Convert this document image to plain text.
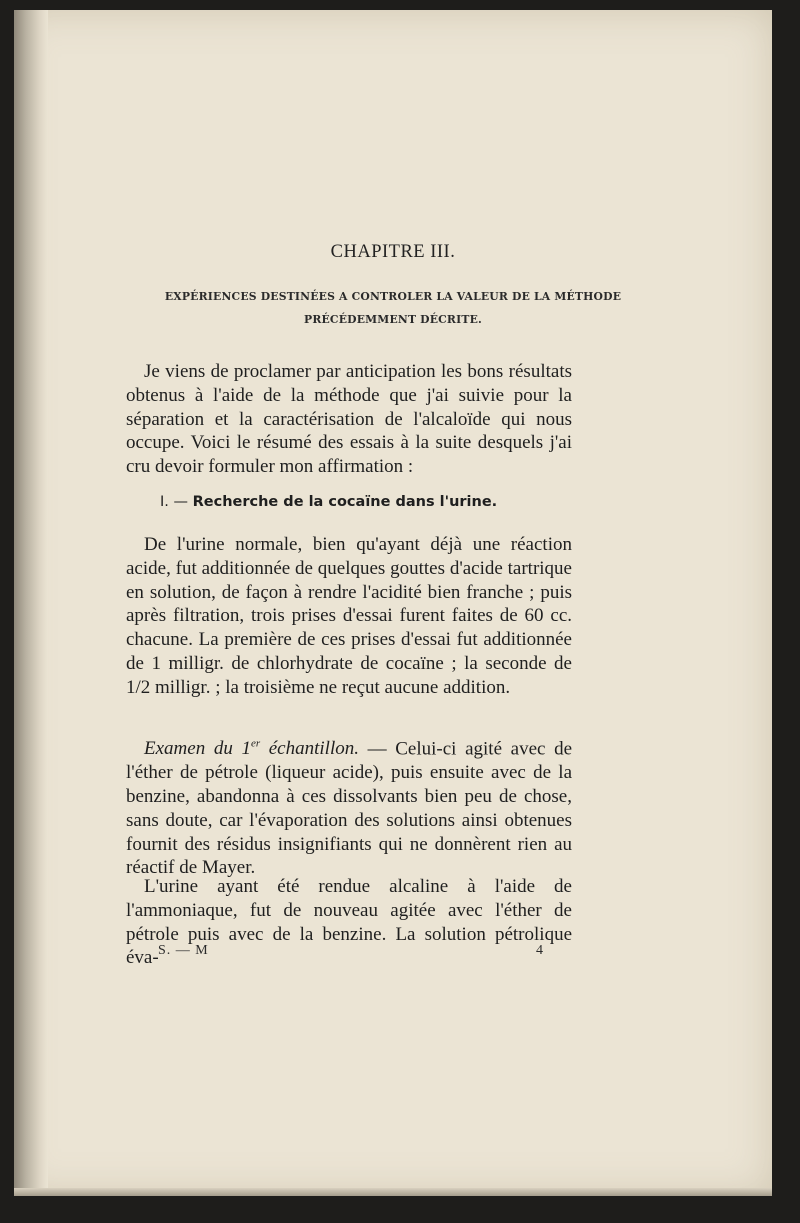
CHAPITRE III.
EXPÉRIENCES DESTINÉES A CONTROLER LA VALEUR DE LA MÉTHODE
PRÉCÉDEMMENT DÉCRITE.

Je viens de proclamer par anticipation les bons résultats obtenus à l'aide de la méthode que j'ai suivie pour la séparation et la caractérisation de l'alcaloïde qui nous occupe. Voici le résumé des essais à la suite desquels j'ai cru devoir formuler mon affirmation :

I. — Recherche de la cocaïne dans l'urine.

De l'urine normale, bien qu'ayant déjà une réaction acide, fut additionnée de quelques gouttes d'acide tartrique en solution, de façon à rendre l'acidité bien franche ; puis après filtration, trois prises d'essai furent faites de 60 cc. chacune. La première de ces prises d'essai fut additionnée de 1 milligr. de chlorhydrate de cocaïne ; la seconde de 1/2 milligr. ; la troisième ne reçut aucune addition.

Examen du 1er échantillon. — Celui-ci agité avec de l'éther de pétrole (liqueur acide), puis ensuite avec de la benzine, abandonna à ces dissolvants bien peu de chose, sans doute, car l'évaporation des solutions ainsi obtenues fournit des résidus insignifiants qui ne donnèrent rien au réactif de Mayer.

L'urine ayant été rendue alcaline à l'aide de l'ammoniaque, fut de nouveau agitée avec l'éther de pétrole puis avec de la benzine. La solution pétrolique éva- S. — M	4
